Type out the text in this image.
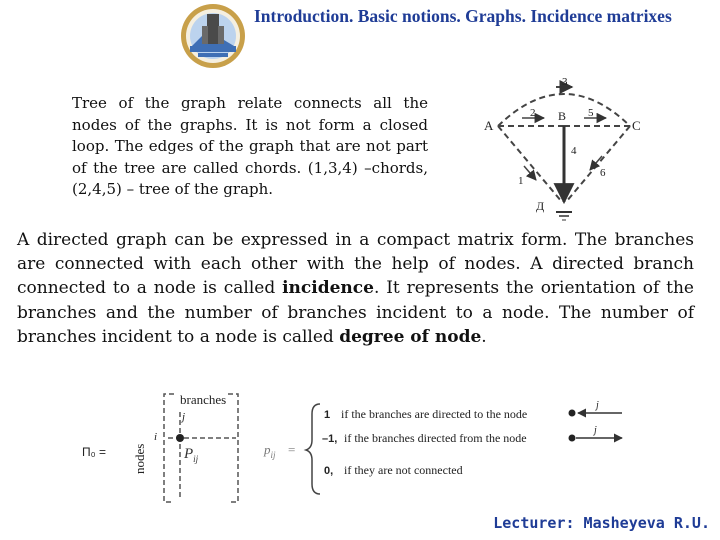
Introduction. Basic notions. Graphs. Incidence matrixes
Tree of the graph relate connects all the nodes of the graphs. It is not form a closed loop. The edges of the graph that are not part of the tree are called chords. (1,3,4) –chords, (2,4,5) – tree of the graph.
A
B
C
Д
1
2
3
4
5
6
A directed graph can be expressed in a compact matrix form. The branches are connected with each other with the help of nodes. A directed branch connected to a node is called incidence. It represents the orientation of the branches and the number of branches incident to a node. The number of branches incident to a node is called degree of node.
П₀ =
branches
nodes
j
i
$P_{ij}$
$p_{ij}$ =
1
–1,
0,
if the branches are directed to the node
if the branches directed from the node
if they are not connected
j
j
Lecturer: Masheyeva R.U.
